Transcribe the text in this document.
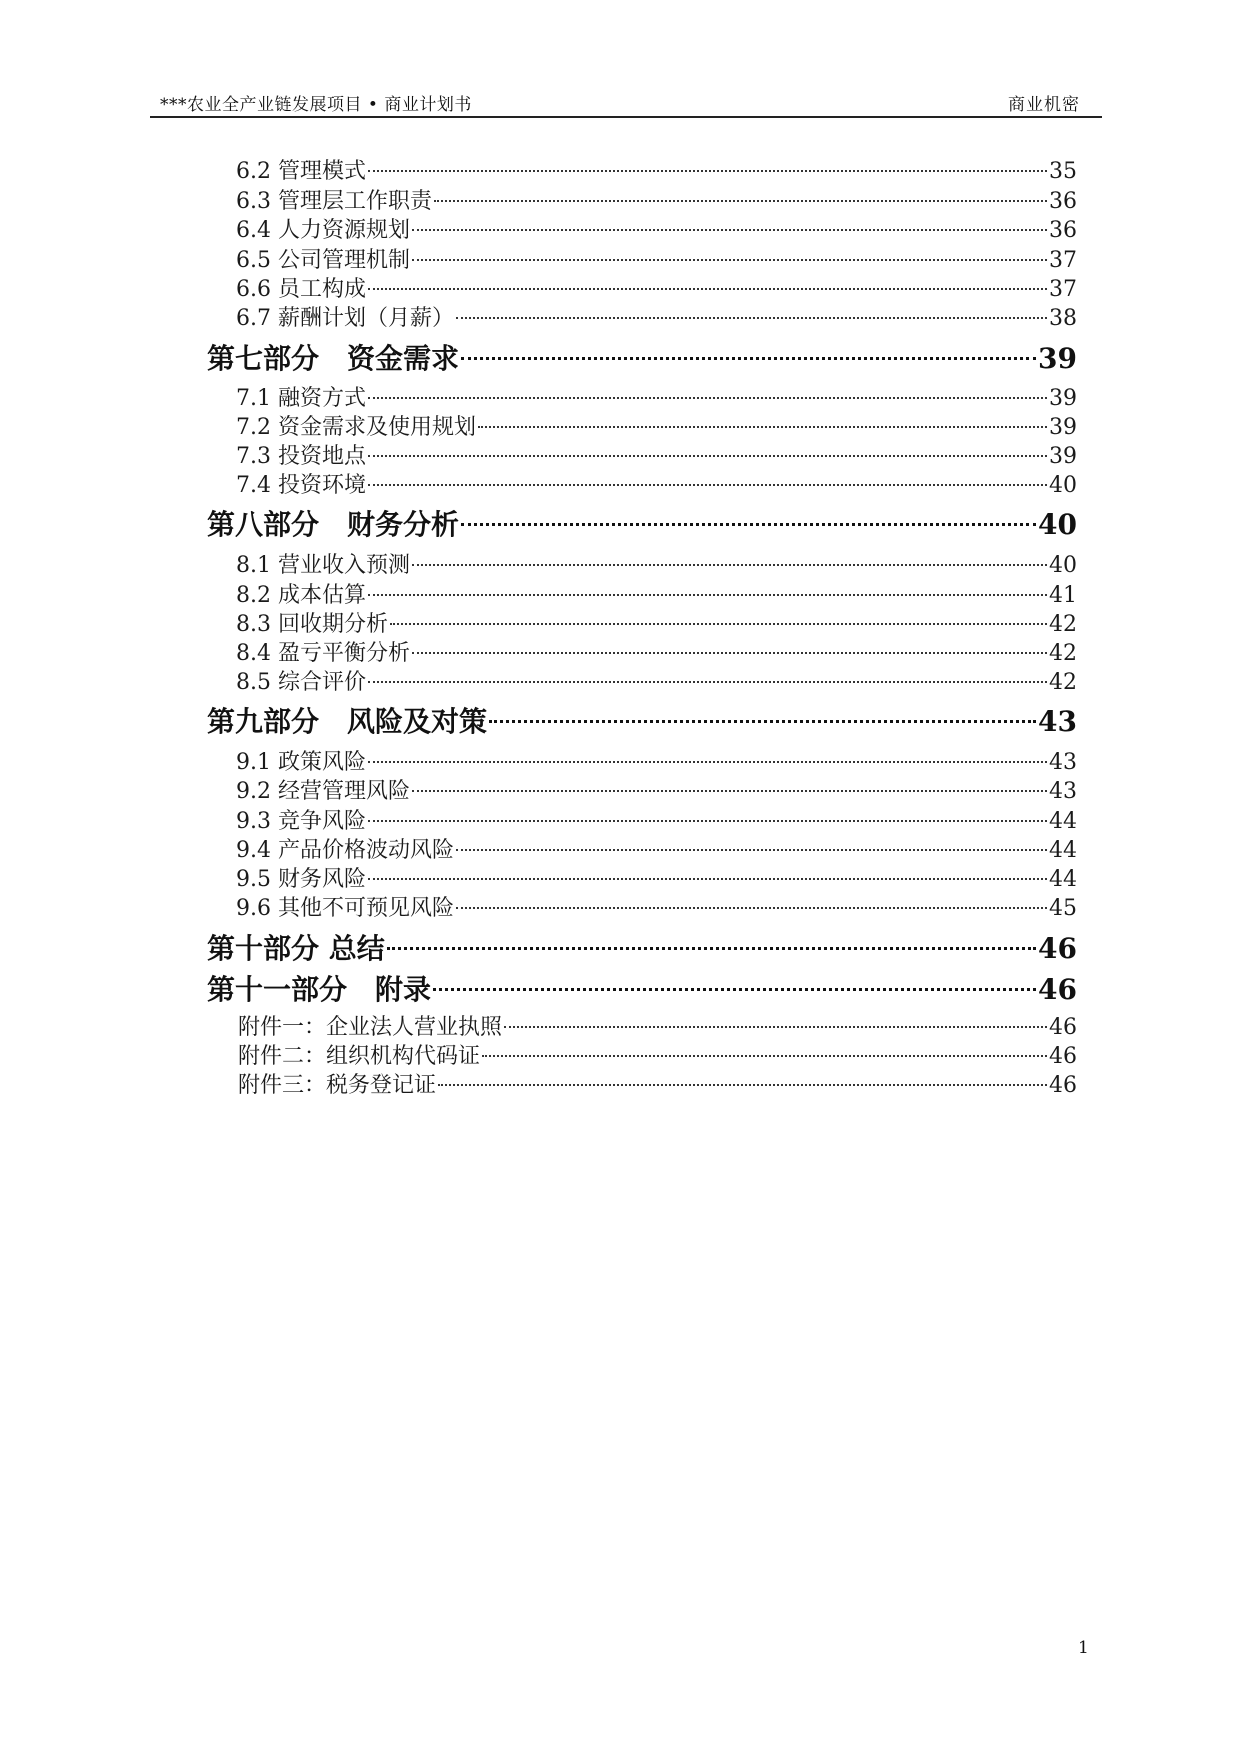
***农业全产业链发展项目 • 商业计划书	商业机密
6.2 管理模式	35
6.3 管理层工作职责	36
6.4 人力资源规划	36
6.5 公司管理机制	37
6.6 员工构成	37
6.7 薪酬计划（月薪）	38
第七部分　资金需求	39
7.1 融资方式	39
7.2 资金需求及使用规划	39
7.3 投资地点	39
7.4 投资环境	40
第八部分　财务分析	40
8.1 营业收入预测	40
8.2 成本估算	41
8.3 回收期分析	42
8.4 盈亏平衡分析	42
8.5 综合评价	42
第九部分　风险及对策	43
9.1 政策风险	43
9.2 经营管理风险	43
9.3 竞争风险	44
9.4 产品价格波动风险	44
9.5 财务风险	44
9.6 其他不可预见风险	45
第十部分 总结	46
第十一部分　附录	46
附件一：企业法人营业执照	46
附件二：组织机构代码证	46
附件三：税务登记证	46
1
